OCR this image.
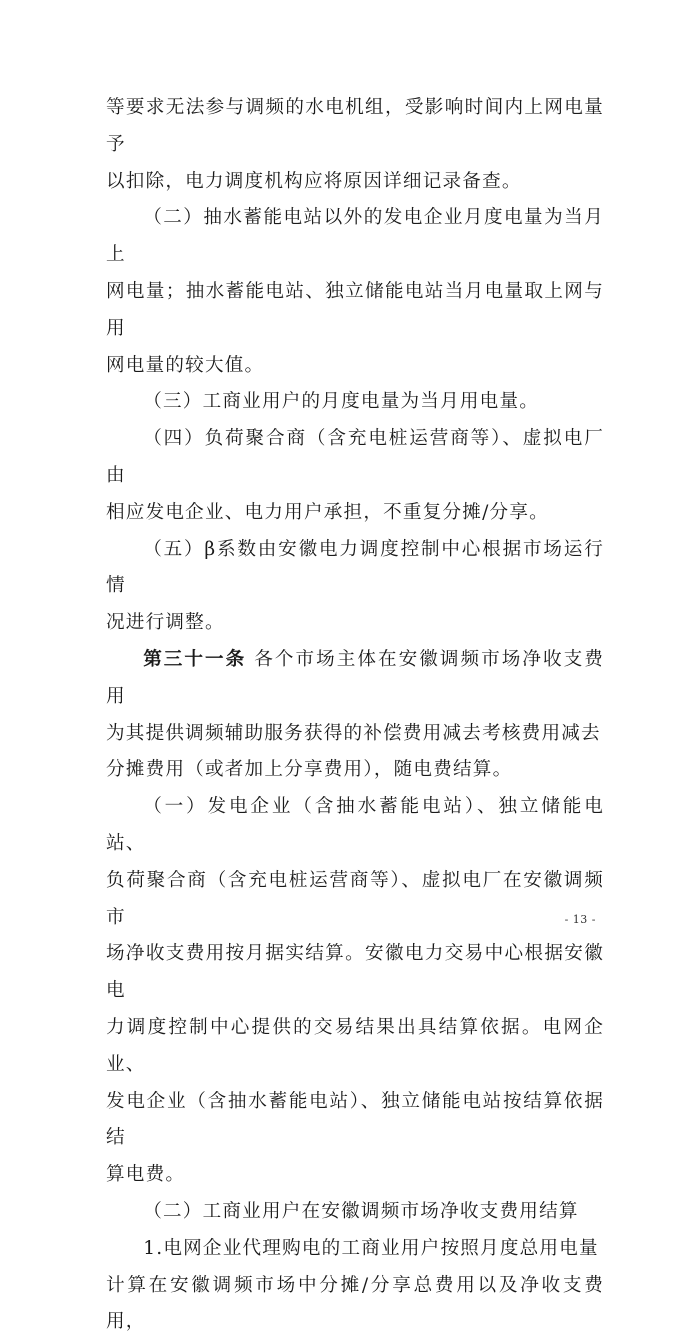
等要求无法参与调频的水电机组，受影响时间内上网电量予
以扣除，电力调度机构应将原因详细记录备查。
（二）抽水蓄能电站以外的发电企业月度电量为当月上
网电量；抽水蓄能电站、独立储能电站当月电量取上网与用
网电量的较大值。
（三）工商业用户的月度电量为当月用电量。
（四）负荷聚合商（含充电桩运营商等）、虚拟电厂由
相应发电企业、电力用户承担，不重复分摊/分享。
（五）β系数由安徽电力调度控制中心根据市场运行情
况进行调整。
第三十一条 各个市场主体在安徽调频市场净收支费用
为其提供调频辅助服务获得的补偿费用减去考核费用减去
分摊费用（或者加上分享费用），随电费结算。
（一）发电企业（含抽水蓄能电站）、独立储能电站、
负荷聚合商（含充电桩运营商等）、虚拟电厂在安徽调频市
场净收支费用按月据实结算。安徽电力交易中心根据安徽电
力调度控制中心提供的交易结果出具结算依据。电网企业、
发电企业（含抽水蓄能电站）、独立储能电站按结算依据结
算电费。
（二）工商业用户在安徽调频市场净收支费用结算
1.电网企业代理购电的工商业用户按照月度总用电量
计算在安徽调频市场中分摊/分享总费用以及净收支费用，
- 13 -
